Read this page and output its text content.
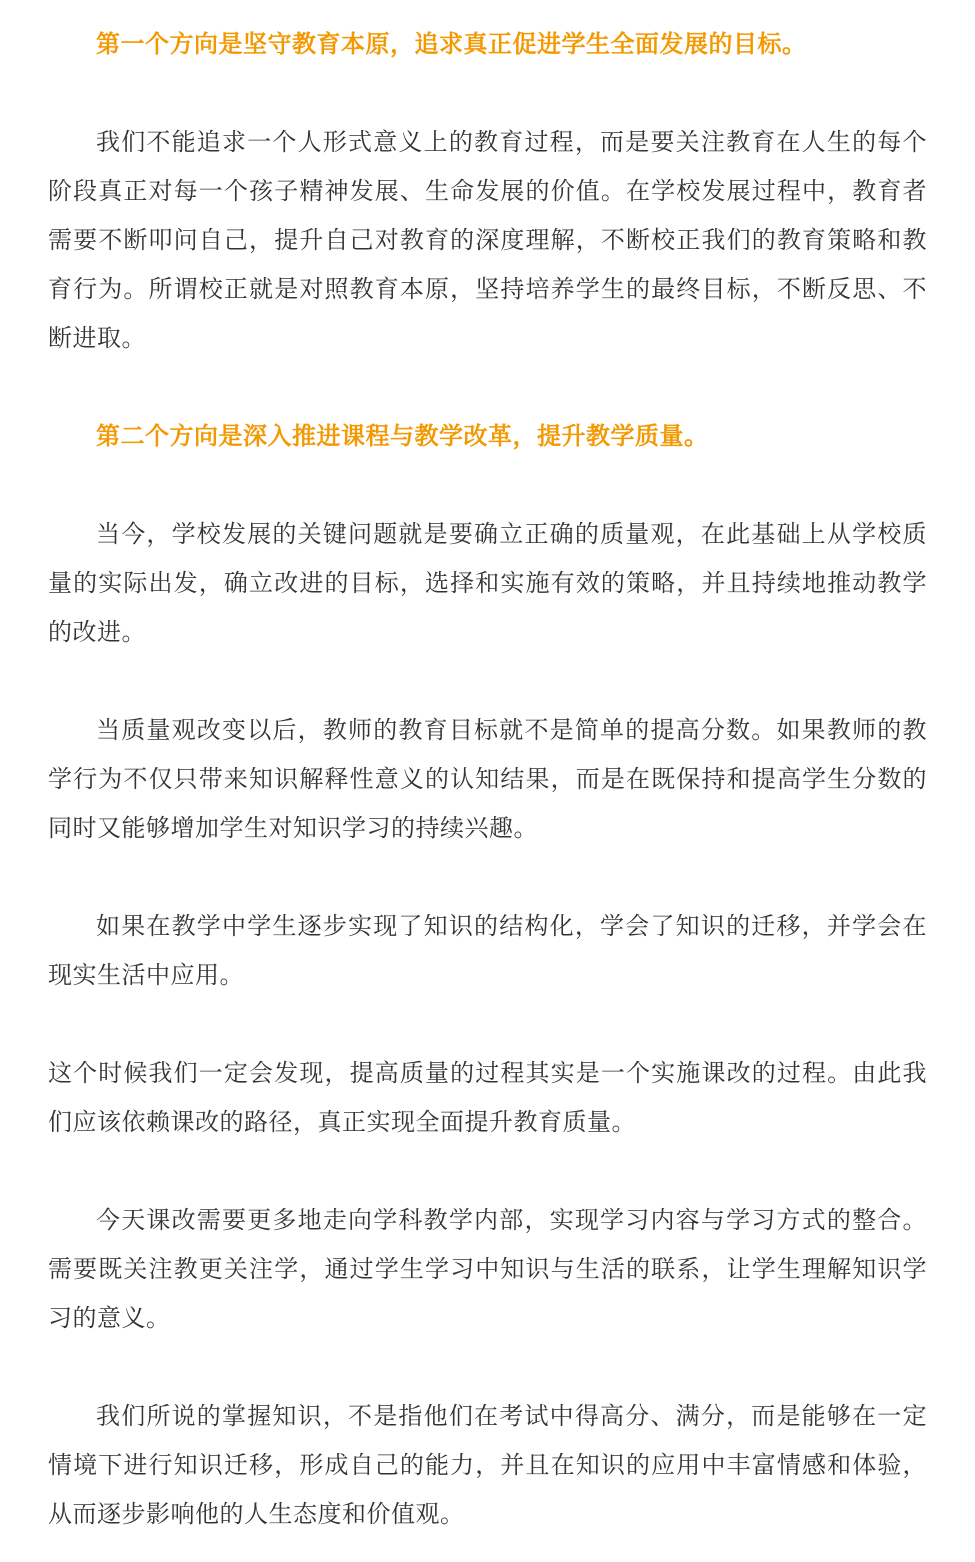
第一个方向是坚守教育本原，追求真正促进学生全面发展的目标。

我们不能追求一个人形式意义上的教育过程，而是要关注教育在人生的每个阶段真正对每一个孩子精神发展、生命发展的价值。在学校发展过程中，教育者需要不断叩问自己，提升自己对教育的深度理解，不断校正我们的教育策略和教育行为。所谓校正就是对照教育本原，坚持培养学生的最终目标，不断反思、不断进取。

第二个方向是深入推进课程与教学改革，提升教学质量。

当今，学校发展的关键问题就是要确立正确的质量观，在此基础上从学校质量的实际出发，确立改进的目标，选择和实施有效的策略，并且持续地推动教学的改进。

当质量观改变以后，教师的教育目标就不是简单的提高分数。如果教师的教学行为不仅只带来知识解释性意义的认知结果，而是在既保持和提高学生分数的同时又能够增加学生对知识学习的持续兴趣。

如果在教学中学生逐步实现了知识的结构化，学会了知识的迁移，并学会在现实生活中应用。

这个时候我们一定会发现，提高质量的过程其实是一个实施课改的过程。由此我们应该依赖课改的路径，真正实现全面提升教育质量。

今天课改需要更多地走向学科教学内部，实现学习内容与学习方式的整合。需要既关注教更关注学，通过学生学习中知识与生活的联系，让学生理解知识学习的意义。

我们所说的掌握知识，不是指他们在考试中得高分、满分，而是能够在一定情境下进行知识迁移，形成自己的能力，并且在知识的应用中丰富情感和体验，从而逐步影响他的人生态度和价值观。
